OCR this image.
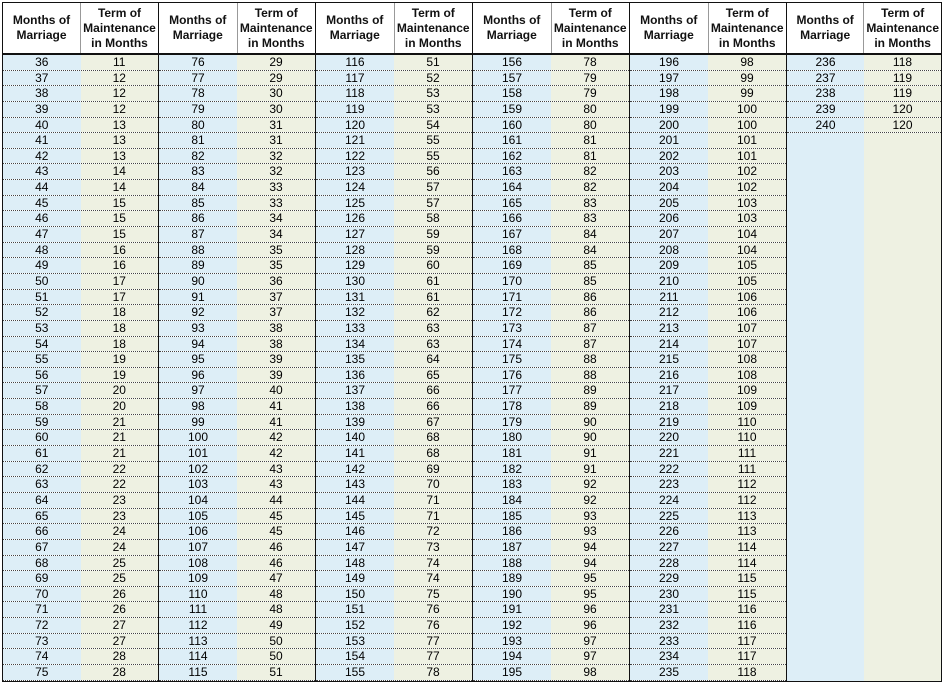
Months of
Marriage
Term of
Maintenance
in Months
36	11
37	12
38	12
39	12
40	13
41	13
42	13
43	14
44	14
45	15
46	15
47	15
48	16
49	16
50	17
51	17
52	18
53	18
54	18
55	19
56	19
57	20
58	20
59	21
60	21
61	21
62	22
63	22
64	23
65	23
66	24
67	24
68	25
69	25
70	26
71	26
72	27
73	27
74	28
75	28
Months of
Marriage
Term of
Maintenance
in Months
76	29
77	29
78	30
79	30
80	31
81	31
82	32
83	32
84	33
85	33
86	34
87	34
88	35
89	35
90	36
91	37
92	37
93	38
94	38
95	39
96	39
97	40
98	41
99	41
100	42
101	42
102	43
103	43
104	44
105	45
106	45
107	46
108	46
109	47
110	48
111	48
112	49
113	50
114	50
115	51
Months of
Marriage
Term of
Maintenance
in Months
116	51
117	52
118	53
119	53
120	54
121	55
122	55
123	56
124	57
125	57
126	58
127	59
128	59
129	60
130	61
131	61
132	62
133	63
134	63
135	64
136	65
137	66
138	66
139	67
140	68
141	68
142	69
143	70
144	71
145	71
146	72
147	73
148	74
149	74
150	75
151	76
152	76
153	77
154	77
155	78
Months of
Marriage
Term of
Maintenance
in Months
156	78
157	79
158	79
159	80
160	80
161	81
162	81
163	82
164	82
165	83
166	83
167	84
168	84
169	85
170	85
171	86
172	86
173	87
174	87
175	88
176	88
177	89
178	89
179	90
180	90
181	91
182	91
183	92
184	92
185	93
186	93
187	94
188	94
189	95
190	95
191	96
192	96
193	97
194	97
195	98
Months of
Marriage
Term of
Maintenance
in Months
196	98
197	99
198	99
199	100
200	100
201	101
202	101
203	102
204	102
205	103
206	103
207	104
208	104
209	105
210	105
211	106
212	106
213	107
214	107
215	108
216	108
217	109
218	109
219	110
220	110
221	111
222	111
223	112
224	112
225	113
226	113
227	114
228	114
229	115
230	115
231	116
232	116
233	117
234	117
235	118
Months of
Marriage
Term of
Maintenance
in Months
236	118
237	119
238	119
239	120
240	120
